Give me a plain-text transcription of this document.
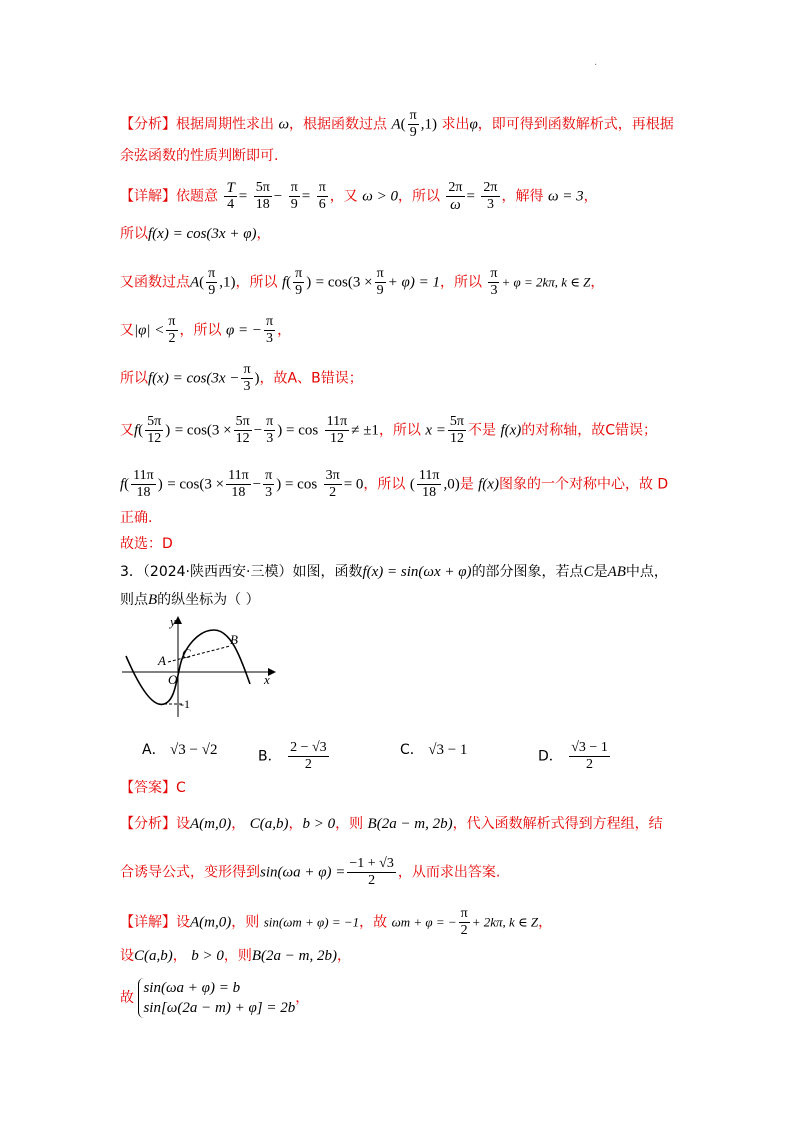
·
【分析】根据周期性求出 ω，根据函数过点 $A( \frac{\pi}{9} ,1)$ 求出φ，即可得到函数解析式，再根据
余弦函数的性质判断即可.
【详解】依题意 $\frac{T}{4} = \frac{5\pi}{18} - \frac{\pi}{9} = \frac{\pi}{6}$ ，又 ω > 0，所以 $\frac{2\pi}{\omega} = \frac{2\pi}{3}$ ，解得 ω = 3，
所以f(x) = cos(3x + φ)，
又函数过点$A( \frac{\pi}{9} ,1)$，所以 $f( \frac{\pi}{9}$ ) = $\cos(3 \times \frac{\pi}{9} + \varphi) = 1$，所以 $\frac{\pi}{3} + \varphi = 2k\pi$, k ∈ Z，
又$|\varphi| < \frac{\pi}{2}$ ，所以 φ = − $\frac{\pi}{3}$ ，
所以$f(x) = \cos(3x - \frac{\pi}{3}$ )，故A、B错误；
又$f( \frac{5\pi}{12}$ ) = $\cos(3 \times \frac{5\pi}{12} - \frac{\pi}{3}$ ) = $\cos \frac{11\pi}{12} \ne \pm 1$，所以 $x = \frac{5\pi}{12}$ 不是 f(x)的对称轴，故C错误；
$f( \frac{11\pi}{18}$ ) = $\cos(3 \times \frac{11\pi}{18} - \frac{\pi}{3}$ ) = $\cos \frac{3\pi}{2} = 0$，所以 ( $\frac{11\pi}{18} ,0$)是 f(x)图象的一个对称中心，故 D
正确.
故选：D
3．（2024·陕西西安·三模）如图，函数f(x) = sin(ωx + φ)的部分图象，若点C是AB中点，
则点B的纵坐标为（ ）
y
x
A
O
C
B
-1
A． √3 − √2	B． $\frac{2 - √3}{2}$	C． √3 − 1	D． $\frac{√3 - 1}{2}$
【答案】C
【分析】设A(m,0)， C(a,b)，b > 0，则 B(2a − m, 2b)，代入函数解析式得到方程组，结
合诱导公式，变形得到$\sin(\omega a + \varphi) = \frac{-1 + √3}{2}$ ，从而求出答案.
【详解】设A(m,0)，则 sin(ωm + φ) = −1，故 ωm + φ = − $\frac{\pi}{2} + 2k\pi$, k ∈ Z，
设C(a,b)， b > 0，则B(2a − m, 2b)，
故
sin(ωa + φ) = b
sin[ω(2a − m) + φ] = 2b
，
